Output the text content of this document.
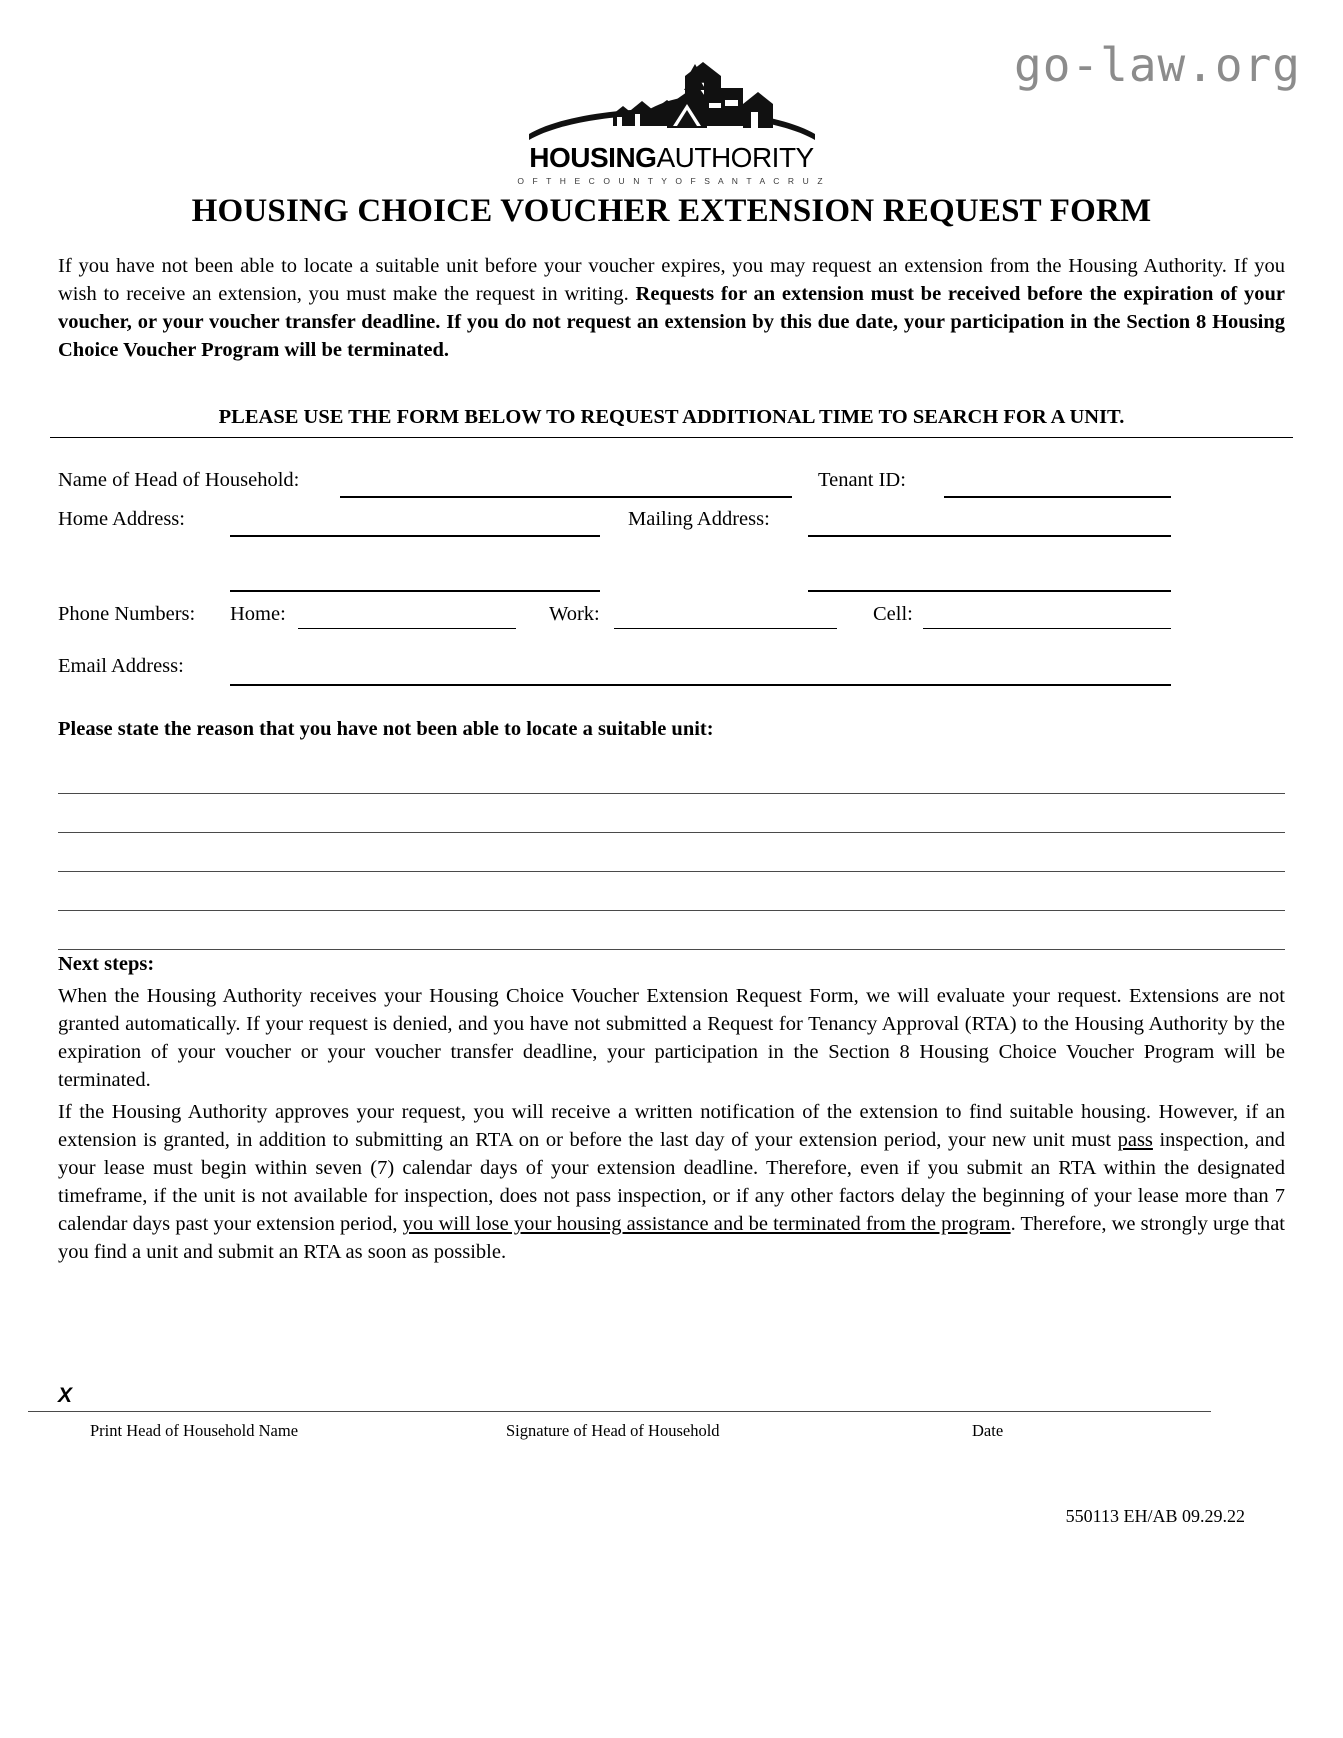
go-law.org
HOUSINGAUTHORITY
O F T H E C O U N T Y O F S A N T A C R U Z
HOUSING CHOICE VOUCHER EXTENSION REQUEST FORM
If you have not been able to locate a suitable unit before your voucher expires, you may request an extension from the Housing Authority. If you wish to receive an extension, you must make the request in writing. Requests for an extension must be received before the expiration of your voucher, or your voucher transfer deadline. If you do not request an extension by this due date, your participation in the Section 8 Housing Choice Voucher Program will be terminated.
PLEASE USE THE FORM BELOW TO REQUEST ADDITIONAL TIME TO SEARCH FOR A UNIT.
Name of Head of Household:	Tenant ID:
Home Address:	Mailing Address:
Phone Numbers: Home:	Work:	Cell:
Email Address:
Please state the reason that you have not been able to locate a suitable unit:
Next steps:
When the Housing Authority receives your Housing Choice Voucher Extension Request Form, we will evaluate your request. Extensions are not granted automatically. If your request is denied, and you have not submitted a Request for Tenancy Approval (RTA) to the Housing Authority by the expiration of your voucher or your voucher transfer deadline, your participation in the Section 8 Housing Choice Voucher Program will be terminated.
If the Housing Authority approves your request, you will receive a written notification of the extension to find suitable housing. However, if an extension is granted, in addition to submitting an RTA on or before the last day of your extension period, your new unit must pass inspection, and your lease must begin within seven (7) calendar days of your extension deadline. Therefore, even if you submit an RTA within the designated timeframe, if the unit is not available for inspection, does not pass inspection, or if any other factors delay the beginning of your lease more than 7 calendar days past your extension period, you will lose your housing assistance and be terminated from the program. Therefore, we strongly urge that you find a unit and submit an RTA as soon as possible.
X
Print Head of Household Name	Signature of Head of Household	Date
550113 EH/AB 09.29.22
